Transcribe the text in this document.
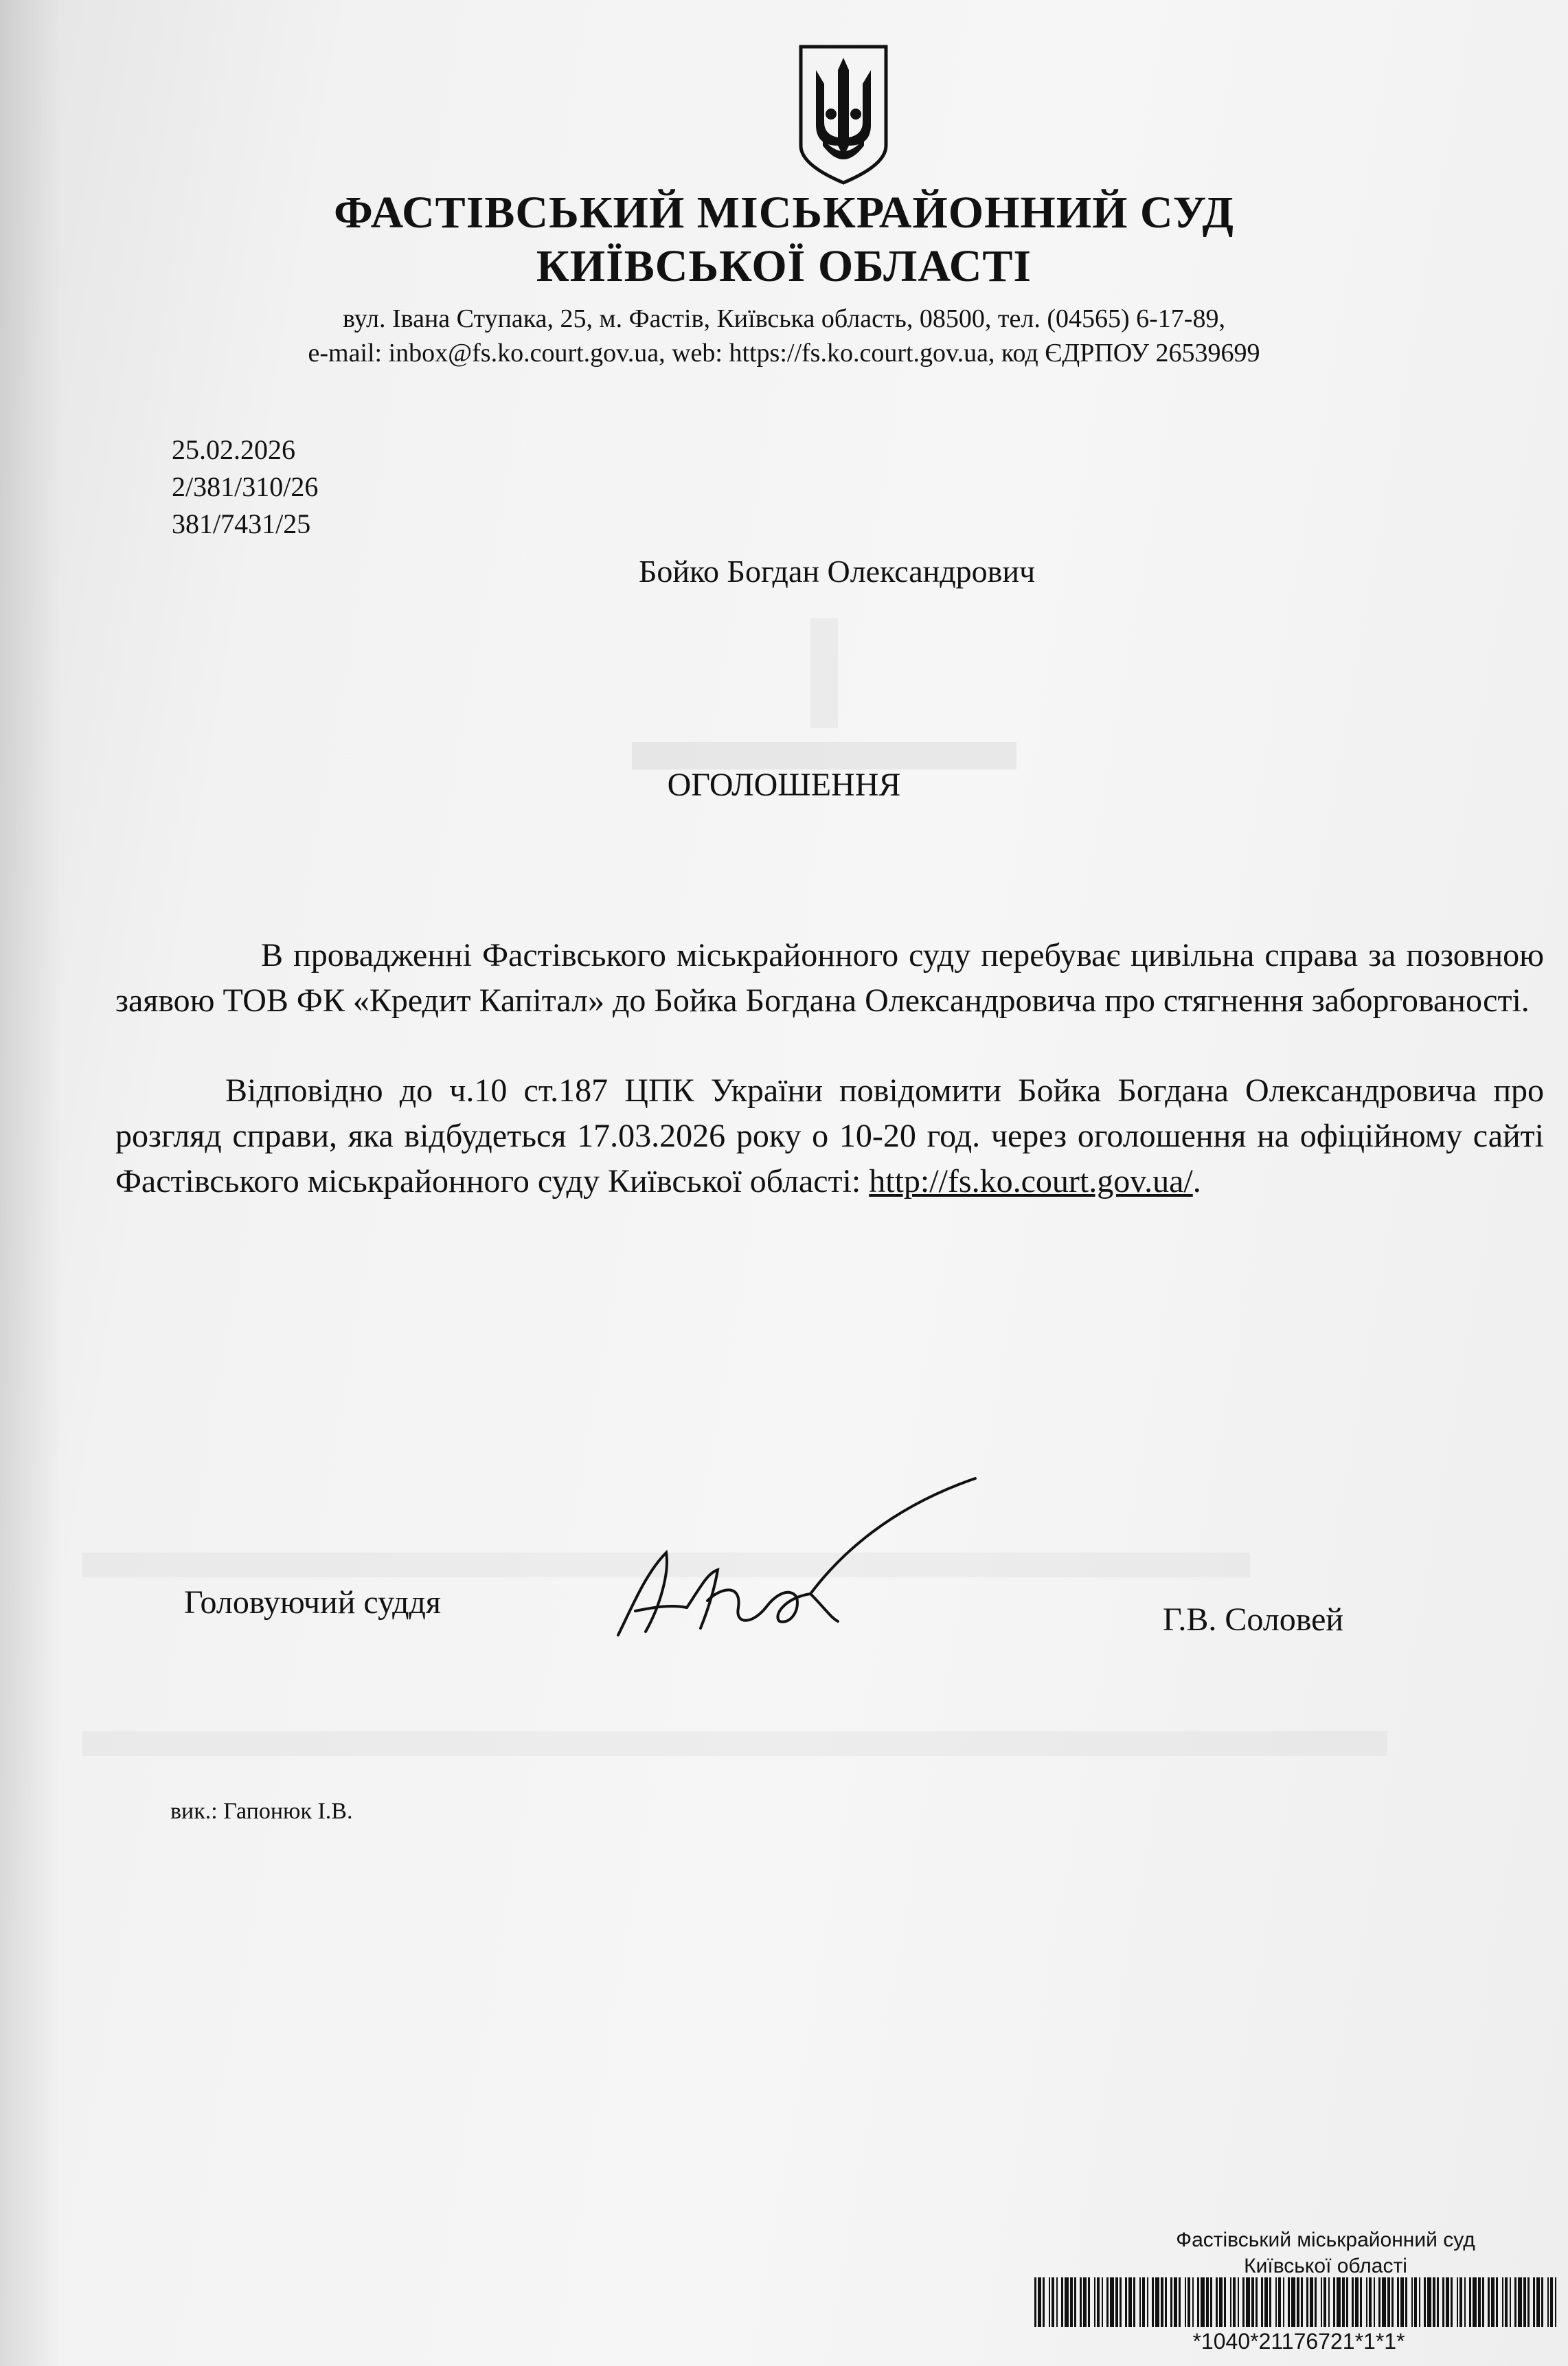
ФАСТІВСЬКИЙ МІСЬКРАЙОННИЙ СУД
КИЇВСЬКОЇ ОБЛАСТІ
вул. Івана Ступака, 25, м. Фастів, Київська область, 08500, тел. (04565) 6-17-89,
e-mail: inbox@fs.ko.court.gov.ua, web: https://fs.ko.court.gov.ua, код ЄДРПОУ 26539699
25.02.2026
2/381/310/26
381/7431/25
Бойко Богдан Олександрович
ОГОЛОШЕННЯ
В провадженні Фастівського міськрайонного суду перебуває цивільна справа за позовною заявою ТОВ ФК «Кредит Капітал» до Бойка Богдана Олександровича про стягнення заборгованості.
Відповідно до ч.10 ст.187 ЦПК України повідомити Бойка Богдана Олександровича про розгляд справи, яка відбудеться 17.03.2026 року о 10-20 год. через оголошення на офіційному сайті Фастівського міськрайонного суду Київської області: http://fs.ko.court.gov.ua/.
Головуючий суддя	Г.В. Соловей
вик.: Гапонюк І.В.
Фастівський міськрайонний суд
Київської області
*1040*21176721*1*1*
